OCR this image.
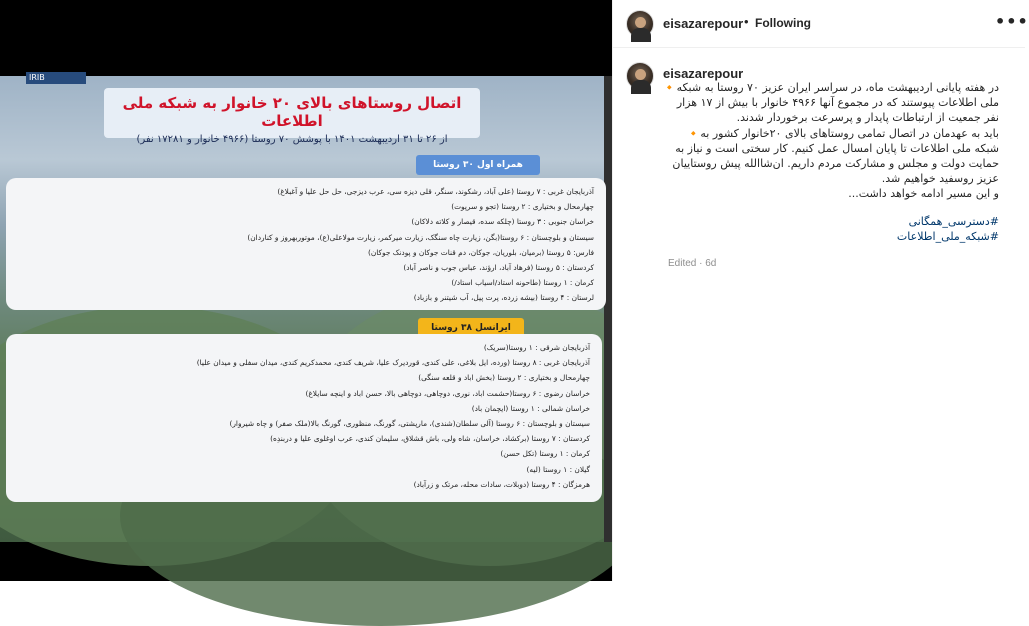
IRIB
اتصال روستاهای بالای ۲۰ خانوار به شبکه ملی اطلاعات
از ۲۶ تا ۳۱ اردیبهشت ۱۴۰۱ با پوشش ۷۰ روستا (۴۹۶۶ خانوار و ۱۷۲۸۱ نفر)
همراه اول ۳۰ روستا
آذربایجان غربی : ۷ روستا (علی آباد، رشکوند، سنگر، قلی دیزه سی، عرب دیزجی، حل حل علیا و آغبلاغ)
چهارمحال و بختیاری : ۲ روستا (تجو و سرپوت)
خراسان جنوبی : ۳ روستا (چلکه سده، قیصار و کلاته دلاکان)
سیستان و بلوچستان : ۶ روستا(بگن، زیارت چاه سنگک، زیارت میرکمر، زیارت مولاعلی(ع)، موتوربهروز و کناردان)
فارس: ۵ روستا (برمیان، بلوریان، جوکان، دم قنات جوکان و پودنک جوکان)
کردستان : ۵ روستا (فرهاد آباد، ارؤند، عباس جوب و ناصر آباد)
کرمان : ۱ روستا (طاحونه استاد/اسیاب استاد/)
لرستان : ۴ روستا (بیشه زرده، پرت پیل، آب شیتنر و بازباد)
ایرانسل ۳۸ روستا
آذربایجان شرقی : ۱ روستا(سریک)
آذربایجان غربی : ۸ روستا (ورده، ایل بلاغی، علی کندی، قوردیرک علیا، شریف کندی، محمدکریم کندی، میدان سفلی و میدان علیا)
چهارمحال و بختیاری : ۲ روستا (بخش اباد و قلعه سنگی)
خراسان رضوی : ۶ روستا(حشمت اباد، نوری، دوچاهی، دوچاهی بالا، حسن اباد و اینچه سایلاغ)
خراسان شمالی : ۱ روستا (ایچمان باد)
سیستان و بلوچستان : ۶ روستا (آلی سلطان(شندی)، مارپشتی، گورنگ، منظوری، گورنگ بالا(ملک صفر) و چاه شیروار)
کردستان : ۷ روستا (برکشاد، خراسان، شاه ولی، باش قشلاق، سلیمان کندی، عرب اوغلوی علیا و دربندِه)
کرمان : ۱ روستا (تکل حسن)
گیلان : ۱ روستا (لیه)
هرمزگان : ۴ روستا (دوبلات، سادات محله، مرتک و زرآباد)
eisazarepour • Following	•••
eisazarepour

در هفته پایانی اردیبهشت ماه، در سراسر ایران عزیز ۷۰ روستا به شبکه🔸

ملی اطلاعات پیوستند که در مجموع آنها ۴۹۶۶ خانوار با بیش از ۱۷ هزار

نفر جمعیت از ارتباطات پایدار و پرسرعت برخوردار شدند.

باید به عهدمان در اتصال تمامی روستاهای بالای ۲۰خانوار کشور به🔸

شبکه ملی اطلاعات تا پایان امسال عمل کنیم. کار سختی است و نیاز به

حمایت دولت و مجلس و مشارکت مردم داریم. ان‌شاالله پیش روستاییان

عزیز روسفید خواهیم شد.

و این مسیر ادامه خواهد داشت...

#دسترسی_همگانی

#شبکه_ملی_اطلاعات

Edited · 6d
